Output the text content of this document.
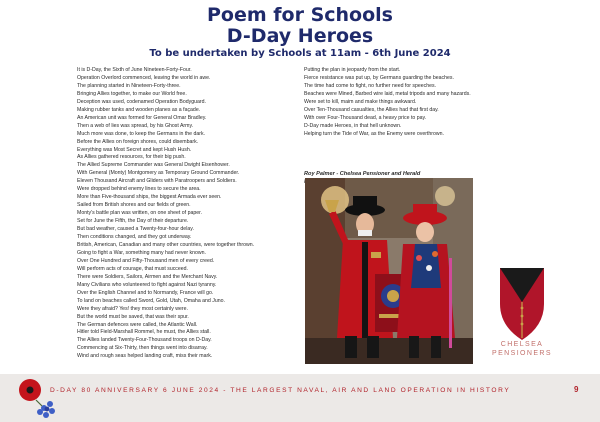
Poem for Schools
D-Day Heroes
To be undertaken by Schools at 11am - 6th June 2024
It is D-Day, the Sixth of June Nineteen-Forty-Four.
Operation Overlord commenced, leaving the world in awe.
The planning started in Nineteen-Forty-three.
Bringing Allies together, to make our World free.
Deception was used, codenamed Operation Bodyguard.
Making rubber tanks and wooden planes as a façade.
An American unit was formed for General Omar Bradley.
Then a web of lies was spread, by his Ghost Army.
Much more was done, to keep the Germans in the dark.
Before the Allies on foreign shores, could disembark.
Everything was Most Secret and kept Hush Hush.
As Allies gathered resources, for their big push.
The Allied Supreme Commander was General Dwight Eisenhower.
With General (Monty) Montgomery as Temporary Ground Commander.
Eleven Thousand Aircraft and Gliders with Paratroopers and Soldiers.
Were dropped behind enemy lines to secure the area.
More than Five-thousand ships, the biggest Armada ever seen.
Sailed from British shores and our fields of green.
Monty's battle plan was written, on one sheet of paper.
Set for June the Fifth, the Day of their departure.
But bad weather, caused a Twenty-four-hour delay.
Then conditions changed, and they got underway.
British, American, Canadian and many other countries, were together thrown.
Going to fight a War, something many had never known.
Over One Hundred and Fifty-Thousand men of every creed.
Will perform acts of courage, that must succeed.
There were Soldiers, Sailors, Airmen and the Merchant Navy.
Many Civilians who volunteered to fight against Nazi tyranny.
Over the English Channel and to Normandy, France will go.
To land on beaches called Sword, Gold, Utah, Omaha and Juno.
Were they afraid? Yes! they most certainly were.
But the world must be saved, that was their spur.
The German defences were called, the Atlantic Wall.
Hitler told Field-Marshall Rommel, he must, the Allies stall.
The Allies landed Twenty-Four-Thousand troops on D-Day.
Commencing at Six-Thirty, then things went into disarray.
Wind and rough seas helped landing craft, miss their mark.
Putting the plan in jeopardy from the start.
Fierce resistance was put up, by Germans guarding the beaches.
The time had come to fight, no further need for speeches.
Beaches were Mined, Barbed wire laid, metal tripods and many hazards.
Were set to kill, maim and make things awkward.
Over Ten-Thousand casualties, the Allies had that first day.
With over Four-Thousand dead, a heavy price to pay.
D-Day made Heroes, in that hell unknown.
Helping turn the Tide of War, as the Enemy were overthrown.
Roy Palmer - Chelsea Pensioner and Herald
CHELSEA
PENSIONERS
D-DAY 80 ANNIVERSARY 6 JUNE 2024 - THE LARGEST NAVAL, AIR AND LAND OPERATION IN HISTORY	9
